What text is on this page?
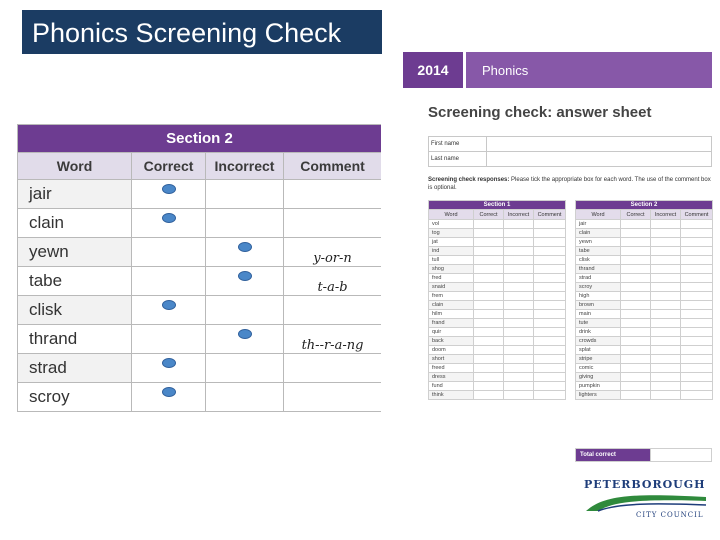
Phonics Screening Check
Section 2			
Word	Correct	Incorrect	Comment
jair	

clain	

yewn			y-or-n

tabe			t-a-b

clisk	

thrand			th--r-a-ng

strad	

scroy	

2014	Phonics
Screening check: answer sheet
First name	
Last name	
Screening check responses: Please tick the appropriate box for each word. The use of the comment box is optional.
Section 1			
Word	Correct	Incorrect	Comment
vol			
tog			
jat			
ind			
tull			
shog			
fred			
snaid			
frem			
clain			
hilm			
frand			
quir			
back			
doom			
short			
freed			
dress			
fund			
think			
Section 2			
Word	Correct	Incorrect	Comment
jair			
clain			
yewn			
tabe			
clisk			
thrand			
strad			
scroy			
high			
brown			
main			
tute			
drink			
crowds			
splat			
stripe			
comic			
giving			
pumpkin			
lighters			
Total correct	
PETERBOROUGH
CITY COUNCIL
